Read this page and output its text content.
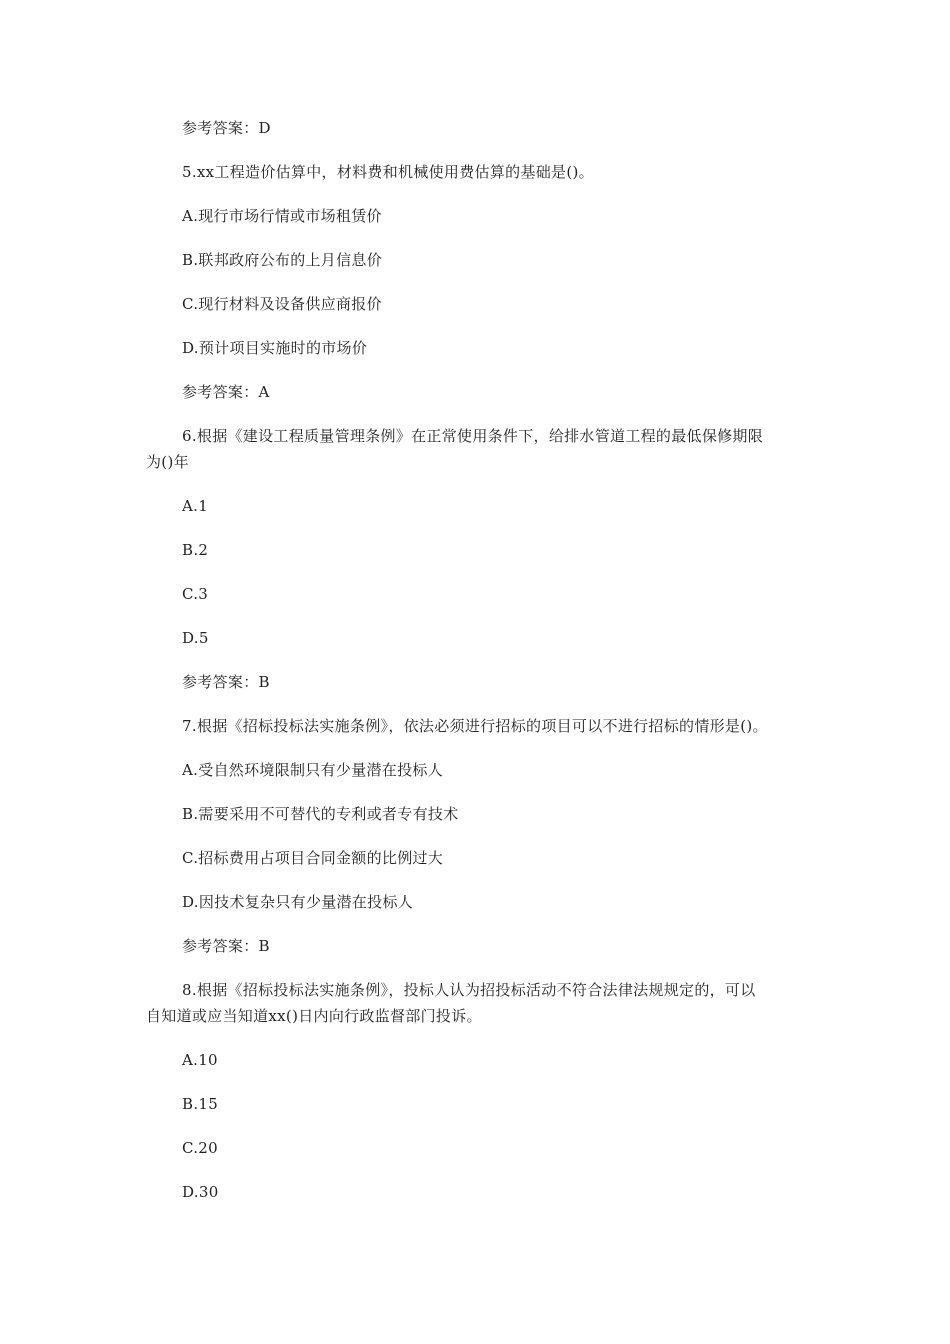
参考答案：D
5.xx工程造价估算中，材料费和机械使用费估算的基础是()。
A.现行市场行情或市场租赁价
B.联邦政府公布的上月信息价
C.现行材料及设备供应商报价
D.预计项目实施时的市场价
参考答案：A
6.根据《建设工程质量管理条例》在正常使用条件下，给排水管道工程的最低保修期限
为()年
A.1
B.2
C.3
D.5
参考答案：B
7.根据《招标投标法实施条例》，依法必须进行招标的项目可以不进行招标的情形是()。
A.受自然环境限制只有少量潜在投标人
B.需要采用不可替代的专利或者专有技术
C.招标费用占项目合同金额的比例过大
D.因技术复杂只有少量潜在投标人
参考答案：B
8.根据《招标投标法实施条例》，投标人认为招投标活动不符合法律法规规定的，可以
自知道或应当知道xx()日内向行政监督部门投诉。
A.10
B.15
C.20
D.30
